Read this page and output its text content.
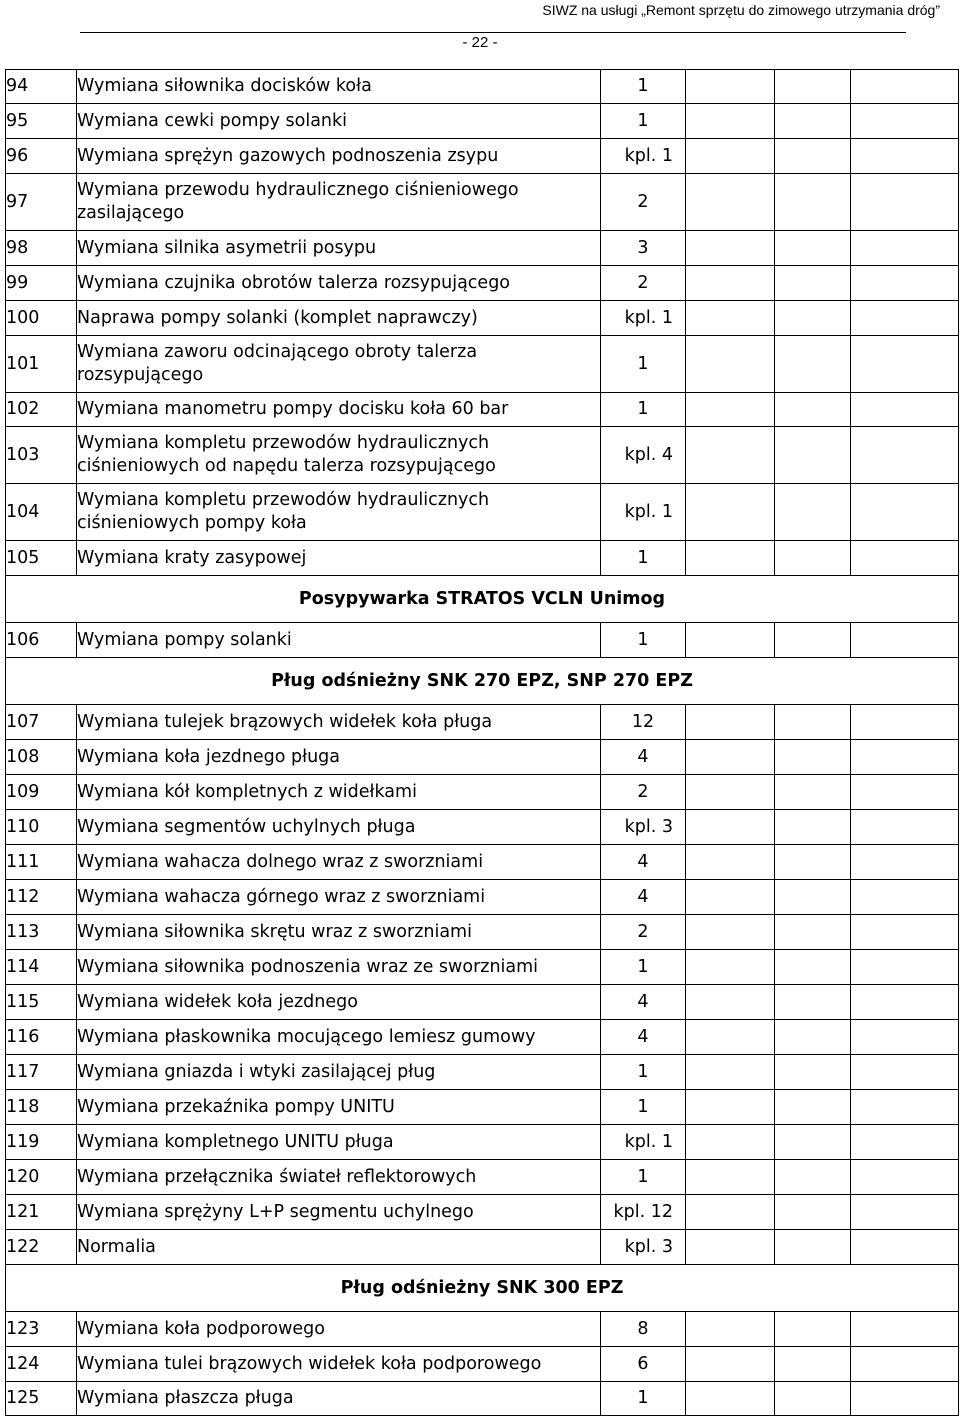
SIWZ na usługi „Remont sprzętu do zimowego utrzymania dróg”
- 22 -
94	Wymiana siłownika docisków koła	1			
95	Wymiana cewki pompy solanki	1			
96	Wymiana sprężyn gazowych podnoszenia zsypu	kpl. 1			
97	Wymiana przewodu hydraulicznego ciśnieniowego zasilającego	2			
98	Wymiana silnika asymetrii posypu	3			
99	Wymiana czujnika obrotów talerza rozsypującego	2			
100	Naprawa pompy solanki (komplet naprawczy)	kpl. 1			
101	Wymiana zaworu odcinającego obroty talerza rozsypującego	1			
102	Wymiana manometru pompy docisku koła 60 bar	1			
103	Wymiana kompletu przewodów hydraulicznych ciśnieniowych od napędu talerza rozsypującego	kpl. 4			
104	Wymiana kompletu przewodów hydraulicznych ciśnieniowych pompy koła	kpl. 1			
105	Wymiana kraty zasypowej	1			
Posypywarka STRATOS VCLN Unimog					
106	Wymiana pompy solanki	1			
Pług odśnieżny SNK 270 EPZ, SNP 270 EPZ					
107	Wymiana tulejek brązowych widełek koła pługa	12			
108	Wymiana koła jezdnego pługa	4			
109	Wymiana kół kompletnych z widełkami	2			
110	Wymiana segmentów uchylnych pługa	kpl. 3			
111	Wymiana wahacza dolnego wraz z sworzniami	4			
112	Wymiana wahacza górnego wraz z sworzniami	4			
113	Wymiana siłownika skrętu wraz z sworzniami	2			
114	Wymiana siłownika podnoszenia wraz ze sworzniami	1			
115	Wymiana widełek koła jezdnego	4			
116	Wymiana płaskownika mocującego lemiesz gumowy	4			
117	Wymiana gniazda i wtyki zasilającej pług	1			
118	Wymiana przekaźnika pompy UNITU	1			
119	Wymiana kompletnego UNITU pługa	kpl. 1			
120	Wymiana przełącznika świateł reflektorowych	1			
121	Wymiana sprężyny L+P segmentu uchylnego	kpl. 12			
122	Normalia	kpl. 3			
Pług odśnieżny SNK 300 EPZ					
123	Wymiana koła podporowego	8			
124	Wymiana tulei brązowych widełek koła podporowego	6			
125	Wymiana płaszcza pługa	1			
